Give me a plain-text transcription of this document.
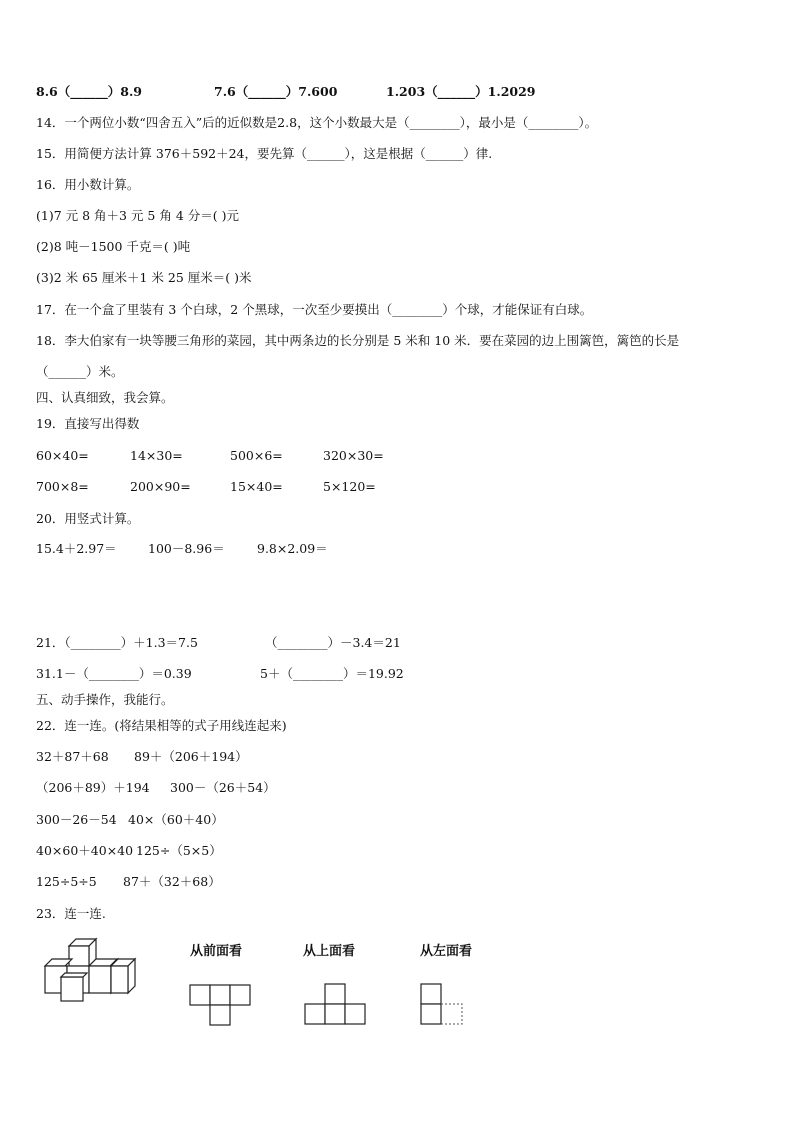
8.6（______）8.9	7.6（______）7.600	1.203（______）1.2029
14．一个两位小数“四舍五入”后的近似数是2.8，这个小数最大是（________），最小是（________）。
15．用简便方法计算 376＋592＋24，要先算（______），这是根据（______）律.
16．用小数计算。
(1)7 元 8 角＋3 元 5 角 4 分＝( )元
(2)8 吨－1500 千克＝( )吨
(3)2 米 65 厘米＋1 米 25 厘米＝( )米
17．在一个盒了里装有 3 个白球，2 个黑球，一次至少要摸出（________）个球，才能保证有白球。
18．李大伯家有一块等腰三角形的菜园，其中两条边的长分别是 5 米和 10 米．要在菜园的边上围篱笆，篱笆的长是
（______）米。
四、认真细致，我会算。
19．直接写出得数
60×40=	14×30=	500×6=	320×30=
700×8=	200×90=	15×40=	5×120=
20．用竖式计算。
15.4＋2.97＝	100－8.96＝	9.8×2.09＝
21．（________）＋1.3＝7.5	（________）－3.4＝21
31.1－（________）＝0.39	5＋（________）＝19.92
五、动手操作，我能行。
22．连一连。(将结果相等的式子用线连起来)
32＋87＋68 89＋（206＋194）
（206＋89）＋194 300－（26＋54）
300－26－54 40×（60＋40）
40×60＋40×40 125÷（5×5）
125÷5÷5 87＋（32＋68）
23．连一连.
从前面看	从上面看	从左面看
